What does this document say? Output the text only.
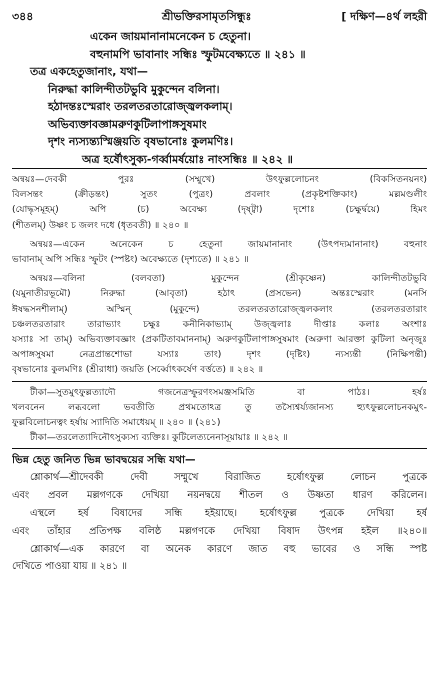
৩৪৪	শ্রীভক্তিরসামৃতসিন্ধুঃ	[ দক্ষিণ—৪র্থ লহরী
একেন জায়মানানামনেকেন চ হেতুনা।
বহুনামপি ভাবানাং সন্ধিঃ স্ফুটমবেক্ষ্যতে ॥ ২৪১ ॥
তত্র একহেতুজানাং, যথা—
নিরুদ্ধা কালিন্দীতটভুবি মুকুন্দেন বলিনা।
হঠাদন্তঃস্মেরাং তরলতরতারোজ্জ্বলকলাম্।
অভিব্যক্তাবজ্ঞামরুণকুটিলাপাঙ্গসুষমাং
দৃশং ন্যস্যন্ত্যস্মিঞ্জয়তি বৃষভানোঃ কুলমণিঃ।
অত্র হর্ষৌৎসুক্য-গর্ব্বামর্ষয়োঃ নাংসন্ধিঃ ॥ ২৪২ ॥
অন্বয়ঃ—দেবকী পুরঃ (সম্মুখে) উৎফুল্ললোচনং (বিকসিতনয়নং)
বিলসন্তং (ক্রীড়ন্তং) সুতং (পুত্রং) প্রবলাং (প্রকৃষ্টশক্তিকাং) মল্লমণ্ডলীং
(যোদ্ধৃসমূহম্) অপি (চ) অবেক্ষ্য (দৃষ্ট্বা) দৃশোঃ (চক্ষুর্দ্বয়ে) হিমং
(শীতলম্) উষ্ণং চ জলং দধে (ধৃতবতী) ॥ ২৪০ ॥
অন্বয়ঃ—একেন অনেকেন চ হেতুনা জায়মানানাং (উৎপদ্যমানানাং) বহুনাং
ভাবানাম্ অপি সন্ধিঃ স্ফুটং (স্পষ্টং) অবেক্ষ্যতে (দৃশ্যতে) ॥ ২৪১ ॥
অন্বয়ঃ—বলিনা (বলবতা) মুকুন্দেন (শ্রীকৃষ্ণেন) কালিন্দীতটভুবি
(যমুনাতীরভূমৌ) নিরুদ্ধা (আবৃতা) হঠাৎ (প্রসভেন) অন্তঃস্মেরাং (মনসি
ঈষদ্ধসনশীলাম্) অস্মিন্ (মুকুন্দে) তরলতরতারোজ্জ্বলকলাং (তরলতরতারাং
চঞ্চলতরতারাং তারাভ্যাং চক্ষুঃ কনীনিকাভ্যাম্ উজ্জ্বলাঃ দীপ্তাঃ কলাঃ অংশাঃ
যস্যাঃ সা তাম্) অভিব্যক্তাবজ্ঞাং (প্রকটিতাবমাননাম্) অরুণকুটিলাপাঙ্গসুষমাং (অরুণা আরক্তা কুটিলা অনৃজুঃ
অপাঙ্গসুষমা নেত্রপ্রান্তশোভা যস্যাঃ তাং) দৃশং (দৃষ্টিং) ন্যস্যন্তী (নিক্ষিপন্তী)
বৃষভানোঃ কুলমণিঃ (শ্রীরাধা) জয়তি (সর্ব্বোৎকর্ষেণ বর্ত্ততে) ॥ ২৪২ ॥
টীকা—সুতমুৎফুল্লত্যাদৌ গজনেত্রস্ফুরণংসমঞ্জসমিতি বা পাঠঃ। হর্ষঃ
খলবনেন লব্ধবলো ভবতীতি প্রথমতোঽত্র তু তস্যৈশ্বর্য্যজানস্য হ্যুৎফুল্ললোচনকমুৎ-
ফুল্লবিলোচনত্বং হর্ষায় স্যাদিতি সমাধেয়ম্ ॥ ২৪০ ॥ (২৪১)
টীকা—তরলেত্যাদিনৌৎসুক্যস্য ব্যক্তিঃ। কুটিলেত্যনেনাসূয়ায়াঃ ॥ ২৪২ ॥
ভিন্ন হেতু জনিত ভিন্ন ভাবদ্বয়ের সন্ধি যথা—
শ্লোকার্থ—শ্রীদেবকী দেবী সম্মুখে বিরাজিত হর্ষোৎফুল্ল লোচন পুত্রকে
এবং প্রবল মল্লগণকে দেখিয়া নয়নদ্বয়ে শীতল ও উষ্ণতা ধারণ করিলেন।
এস্থলে হর্ষ বিষাদের সন্ধি হইয়াছে। হর্ষোৎফুল্ল পুত্রকে দেখিয়া হর্ষ
এবং তাঁহার প্রতিপক্ষ বলিষ্ঠ মল্লগণকে দেখিয়া বিষাদ উৎপন্ন হইল ॥২৪০॥
শ্লোকার্থ—এক কারণে বা অনেক কারণে জাত বহু ভাবের ও সন্ধি স্পষ্ট
দেখিতে পাওয়া যায় ॥ ২৪১ ॥
